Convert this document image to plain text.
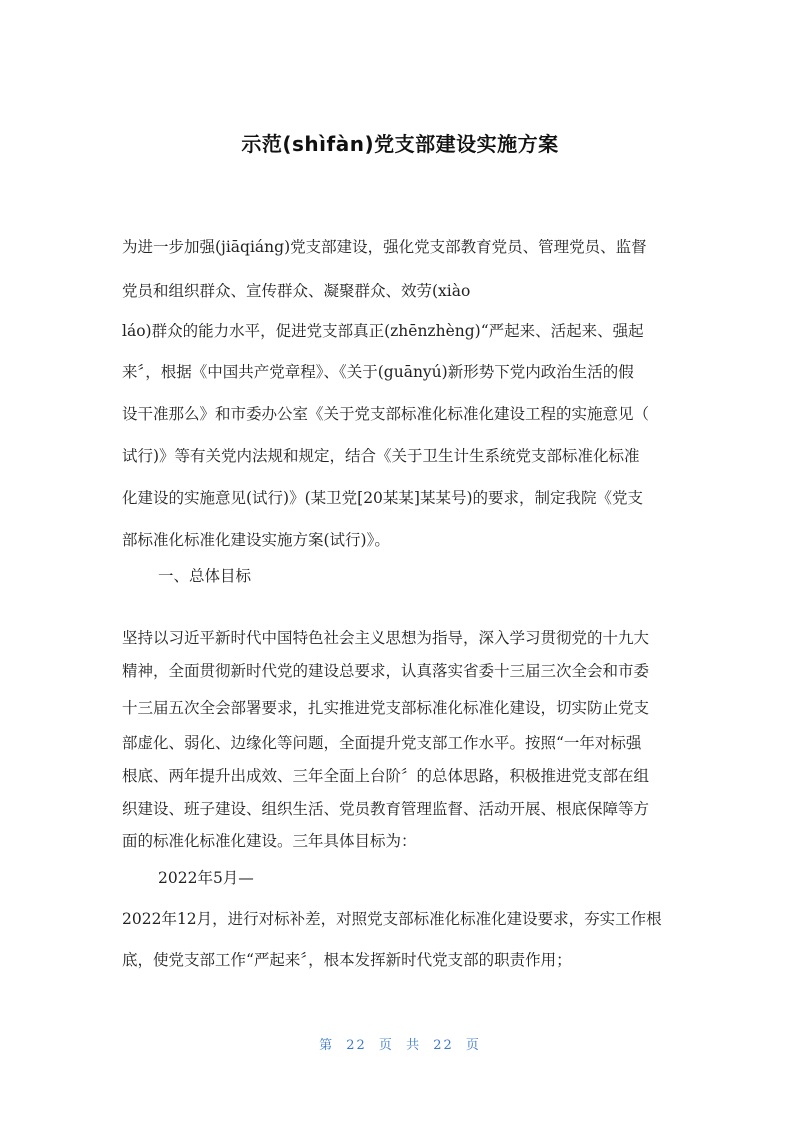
示范(shìfàn)党支部建设实施方案
为进一步加强(jiāqiáng)党支部建设，强化党支部教育党员、管理党员、监督
党员和组织群众、宣传群众、凝聚群众、效劳(xiào
láo)群众的能力水平，促进党支部真正(zhēnzhèng)“严起来、活起来、强起
来〞，根据《中国共产党章程》、《关于(guānyú)新形势下党内政治生活的假
设干准那么》和市委办公室《关于党支部标准化标准化建设工程的实施意见（
试行)》等有关党内法规和规定，结合《关于卫生计生系统党支部标准化标准
化建设的实施意见(试行)》(某卫党[20某某]某某号)的要求，制定我院《党支
部标准化标准化建设实施方案(试行)》。
一、总体目标
坚持以习近平新时代中国特色社会主义思想为指导，深入学习贯彻党的十九大
精神，全面贯彻新时代党的建设总要求，认真落实省委十三届三次全会和市委
十三届五次全会部署要求，扎实推进党支部标准化标准化建设，切实防止党支
部虚化、弱化、边缘化等问题，全面提升党支部工作水平。按照“一年对标强
根底、两年提升出成效、三年全面上台阶〞的总体思路，积极推进党支部在组
织建设、班子建设、组织生活、党员教育管理监督、活动开展、根底保障等方
面的标准化标准化建设。三年具体目标为：
2022年5月—
2022年12月，进行对标补差，对照党支部标准化标准化建设要求，夯实工作根
底，使党支部工作“严起来〞，根本发挥新时代党支部的职责作用；
第 22 页 共 22 页
